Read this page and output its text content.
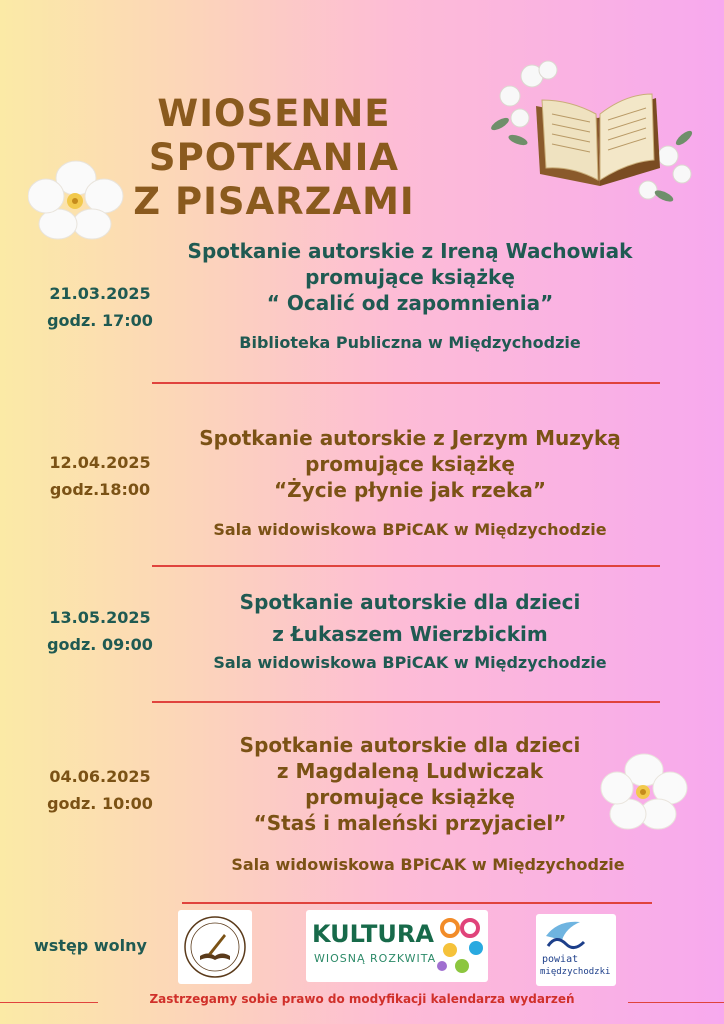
WIOSENNE SPOTKANIA
Z PISARZAMI
21.03.2025
godz. 17:00
Spotkanie autorskie z Ireną Wachowiak
promujące książkę
“ Ocalić od zapomnienia”
Biblioteka Publiczna w Międzychodzie
12.04.2025
godz.18:00
Spotkanie autorskie z Jerzym Muzyką
promujące książkę
“Życie płynie jak rzeka”
Sala widowiskowa BPiCAK w Międzychodzie
13.05.2025
godz. 09:00
Spotkanie autorskie dla dzieci
z Łukaszem Wierzbickim
Sala widowiskowa BPiCAK w Międzychodzie
04.06.2025
godz. 10:00
Spotkanie autorskie dla dzieci
z Magdaleną Ludwiczak
promujące książkę
“Staś i maleński przyjaciel”
Sala widowiskowa BPiCAK w Międzychodzie
wstęp wolny	KULTURA
WIOSNĄ ROZKWITA	powiat
międzychodzki
Zastrzegamy sobie prawo do modyfikacji kalendarza wydarzeń
